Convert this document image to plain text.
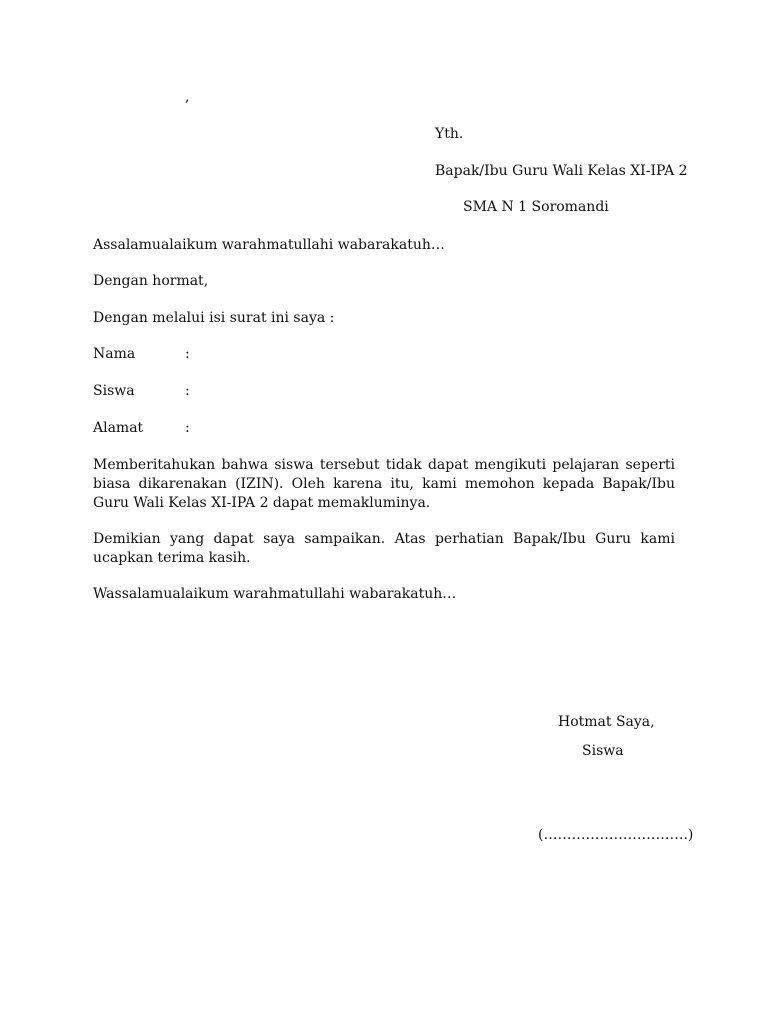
,
Yth.
Bapak/Ibu Guru Wali Kelas XI-IPA 2
SMA N 1 Soromandi
Assalamualaikum warahmatullahi wabarakatuh…
Dengan hormat,
Dengan melalui isi surat ini saya :
Nama	:
Siswa	:
Alamat	:
Memberitahukan bahwa siswa tersebut tidak dapat mengikuti pelajaran seperti biasa dikarenakan (IZIN). Oleh karena itu, kami memohon kepada Bapak/Ibu Guru Wali Kelas XI-IPA 2 dapat memakluminya.
Demikian yang dapat saya sampaikan. Atas perhatian Bapak/Ibu Guru kami ucapkan terima kasih.
Wassalamualaikum warahmatullahi wabarakatuh…
Hotmat Saya,
Siswa
(………………………….)
